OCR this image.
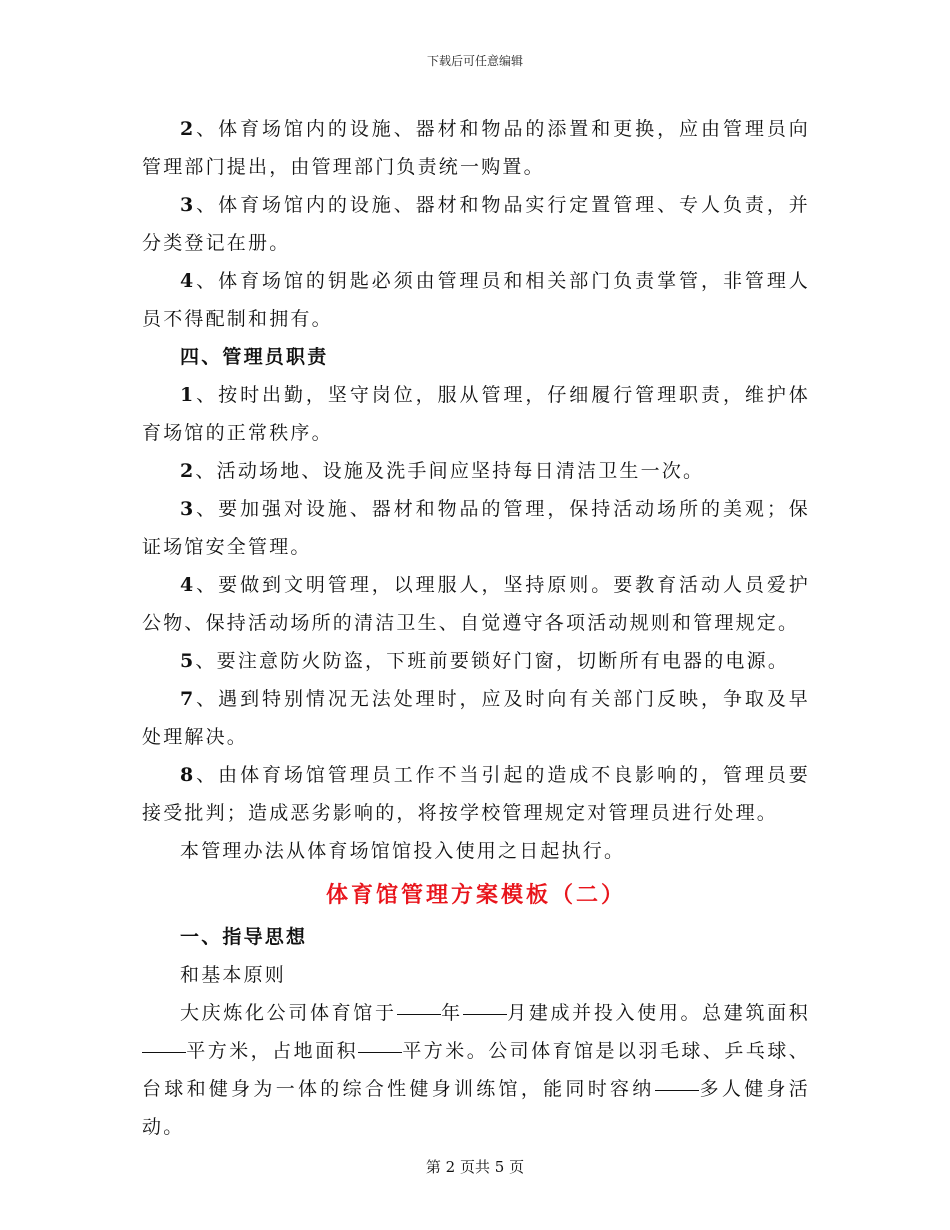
下载后可任意编辑

2、体育场馆内的设施、器材和物品的添置和更换，应由管理员向管理部门提出，由管理部门负责统一购置。

3、体育场馆内的设施、器材和物品实行定置管理、专人负责，并分类登记在册。

4、体育场馆的钥匙必须由管理员和相关部门负责掌管，非管理人员不得配制和拥有。

四、管理员职责

1、按时出勤，坚守岗位，服从管理，仔细履行管理职责，维护体育场馆的正常秩序。

2、活动场地、设施及洗手间应坚持每日清洁卫生一次。

3、要加强对设施、器材和物品的管理，保持活动场所的美观；保证场馆安全管理。

4、要做到文明管理，以理服人，坚持原则。要教育活动人员爱护公物、保持活动场所的清洁卫生、自觉遵守各项活动规则和管理规定。

5、要注意防火防盗，下班前要锁好门窗，切断所有电器的电源。

7、遇到特别情况无法处理时，应及时向有关部门反映，争取及早处理解决。

8、由体育场馆管理员工作不当引起的造成不良影响的，管理员要接受批判；造成恶劣影响的，将按学校管理规定对管理员进行处理。

本管理办法从体育场馆馆投入使用之日起执行。

体育馆管理方案模板（二）

一、指导思想

和基本原则

大庆炼化公司体育馆于 年 月建成并投入使用。总建筑面积平方米，占地面积 平方米。公司体育馆是以羽毛球、乒乓球、台球和健身为一体的综合性健身训练馆，能同时容纳 多人健身活动。

第 2 页共 5 页
